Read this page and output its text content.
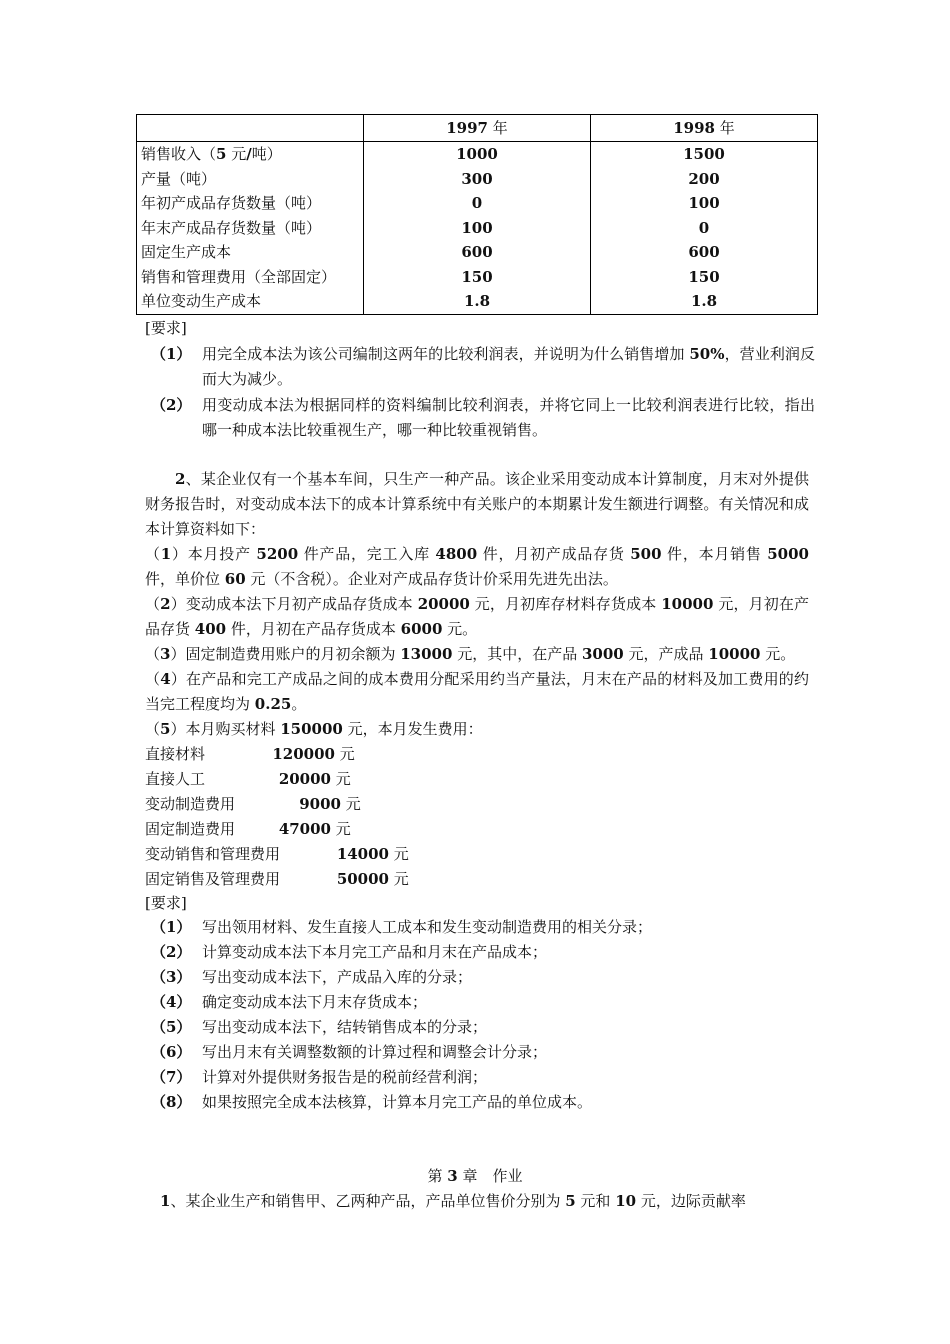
	1997 年	1998 年
销售收入（5 元/吨）	1000	1500
产量（吨）	300	200
年初产成品存货数量（吨）	0	100
年末产成品存货数量（吨）	100	0
固定生产成本	600	600
销售和管理费用（全部固定）	150	150
单位变动生产成本	1.8	1.8
[要求]
（1） 用完全成本法为该公司编制这两年的比较利润表，并说明为什么销售增加 50%，营业利润反而大为减少。
（2） 用变动成本法为根据同样的资料编制比较利润表，并将它同上一比较利润表进行比较，指出哪一种成本法比较重视生产，哪一种比较重视销售。
2、某企业仅有一个基本车间，只生产一种产品。该企业采用变动成本计算制度，月末对外提供财务报告时，对变动成本法下的成本计算系统中有关账户的本期累计发生额进行调整。有关情况和成本计算资料如下：
（1）本月投产 5200 件产品，完工入库 4800 件，月初产成品存货 500 件，本月销售 5000 件，单价位 60 元（不含税）。企业对产成品存货计价采用先进先出法。
（2）变动成本法下月初产成品存货成本 20000 元，月初库存材料存货成本 10000 元，月初在产品存货 400 件，月初在产品存货成本 6000 元。
（3）固定制造费用账户的月初余额为 13000 元，其中，在产品 3000 元，产成品 10000 元。
（4）在产品和完工产成品之间的成本费用分配采用约当产量法，月末在产品的材料及加工费用的约当完工程度均为 0.25。
（5）本月购买材料 150000 元，本月发生费用：
直接材料	120000 元
直接人工	20000 元
变动制造费用	9000 元
固定制造费用	47000 元
变动销售和管理费用	14000 元
固定销售及管理费用	50000 元
[要求]
（1） 写出领用材料、发生直接人工成本和发生变动制造费用的相关分录；
（2） 计算变动成本法下本月完工产品和月末在产品成本；
（3） 写出变动成本法下，产成品入库的分录；
（4） 确定变动成本法下月末存货成本；
（5） 写出变动成本法下，结转销售成本的分录；
（6） 写出月末有关调整数额的计算过程和调整会计分录；
（7） 计算对外提供财务报告是的税前经营利润；
（8） 如果按照完全成本法核算，计算本月完工产品的单位成本。
第 3 章　作业
1、某企业生产和销售甲、乙两种产品，产品单位售价分别为 5 元和 10 元，边际贡献率
